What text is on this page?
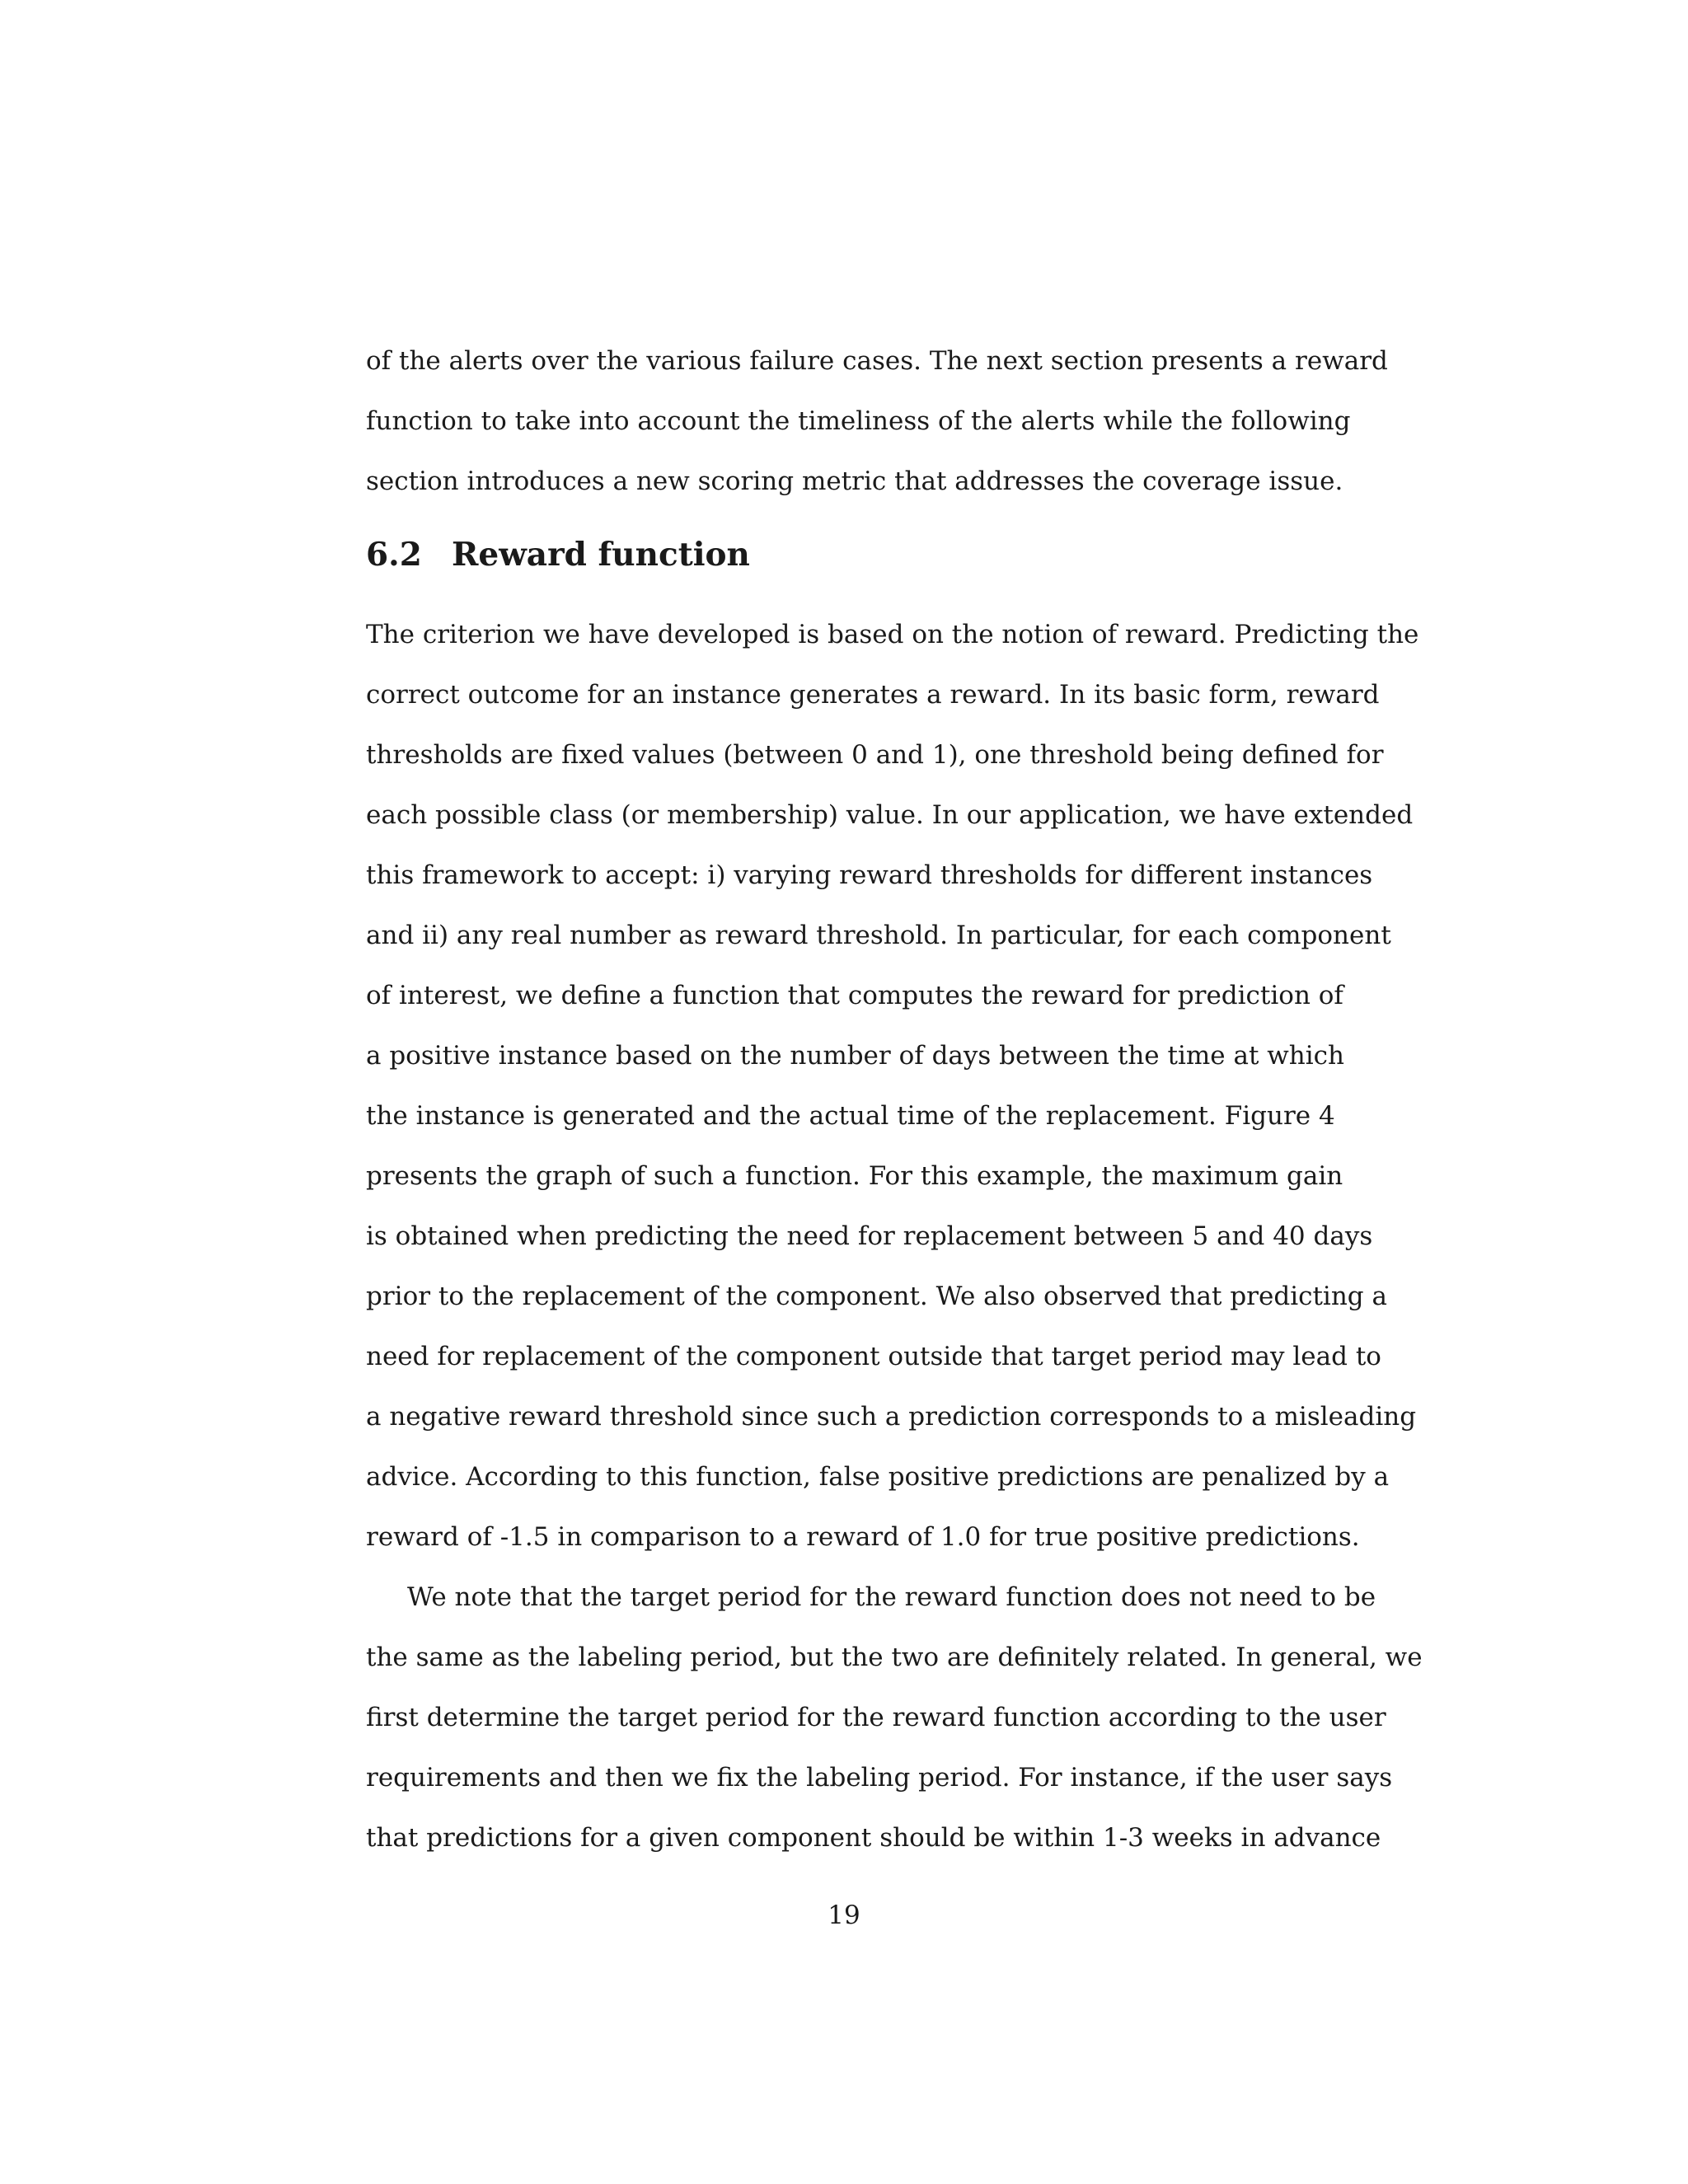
of the alerts over the various failure cases. The next section presents a reward
function to take into account the timeliness of the alerts while the following
section introduces a new scoring metric that addresses the coverage issue.
6.2 Reward function
The criterion we have developed is based on the notion of reward. Predicting the
correct outcome for an instance generates a reward. In its basic form, reward
thresholds are fixed values (between 0 and 1), one threshold being defined for
each possible class (or membership) value. In our application, we have extended
this framework to accept: i) varying reward thresholds for different instances
and ii) any real number as reward threshold. In particular, for each component
of interest, we define a function that computes the reward for prediction of
a positive instance based on the number of days between the time at which
the instance is generated and the actual time of the replacement. Figure 4
presents the graph of such a function. For this example, the maximum gain
is obtained when predicting the need for replacement between 5 and 40 days
prior to the replacement of the component. We also observed that predicting a
need for replacement of the component outside that target period may lead to
a negative reward threshold since such a prediction corresponds to a misleading
advice. According to this function, false positive predictions are penalized by a
reward of -1.5 in comparison to a reward of 1.0 for true positive predictions.
We note that the target period for the reward function does not need to be
the same as the labeling period, but the two are definitely related. In general, we
first determine the target period for the reward function according to the user
requirements and then we fix the labeling period. For instance, if the user says
that predictions for a given component should be within 1-3 weeks in advance
19
